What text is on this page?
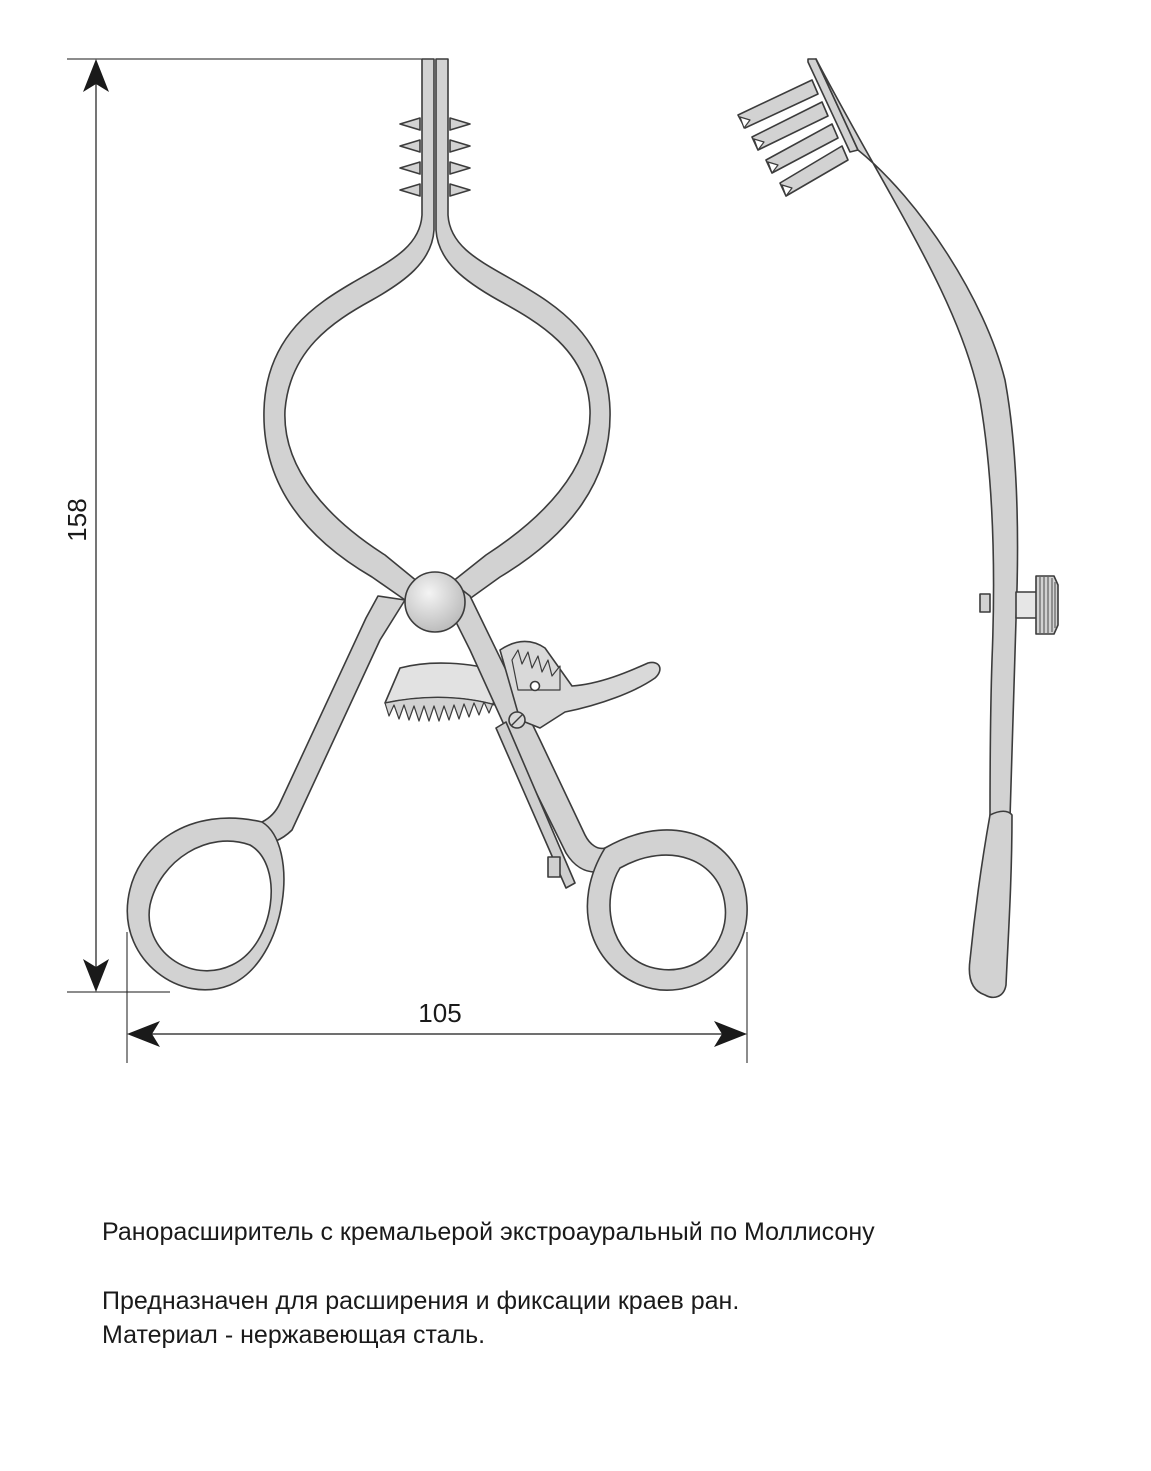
158
105
Ранорасширитель с кремальерой экстроауральный по Моллисону
Предназначен для расширения и фиксации краев ран.
Материал - нержавеющая сталь.
